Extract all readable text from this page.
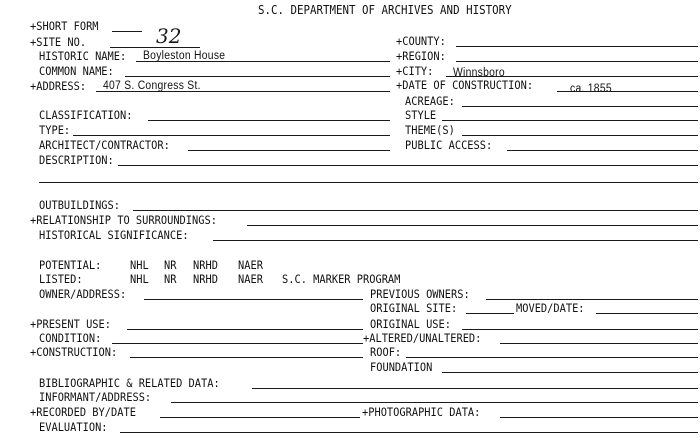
S.C. DEPARTMENT OF ARCHIVES AND HISTORY
+SHORT FORM
+SITE NO.	32	+COUNTY:
+REGION:
+CITY: Winnsboro
+DATE OF CONSTRUCTION:	ca. 1855
ACREAGE:
STYLE
THEME(S)
PUBLIC ACCESS:
HISTORIC NAME: Boyleston House
COMMON NAME:
+ADDRESS: 407 S. Congress St.
CLASSIFICATION:
TYPE:
ARCHITECT/CONTRACTOR:
DESCRIPTION:
OUTBUILDINGS:
+RELATIONSHIP TO SURROUNDINGS:
HISTORICAL SIGNIFICANCE:
POTENTIAL: NHL NR NRHD NAER
LISTED:	NHL NR NRHD NAER S.C. MARKER PROGRAM
OWNER/ADDRESS:
+PRESENT USE:
CONDITION:
+CONSTRUCTION:
PREVIOUS OWNERS:
ORIGINAL SITE:	MOVED/DATE:
ORIGINAL USE:
+ALTERED/UNALTERED:
ROOF:
FOUNDATION
BIBLIOGRAPHIC & RELATED DATA:
INFORMANT/ADDRESS:
+RECORDED BY/DATE	+PHOTOGRAPHIC DATA:
EVALUATION:
